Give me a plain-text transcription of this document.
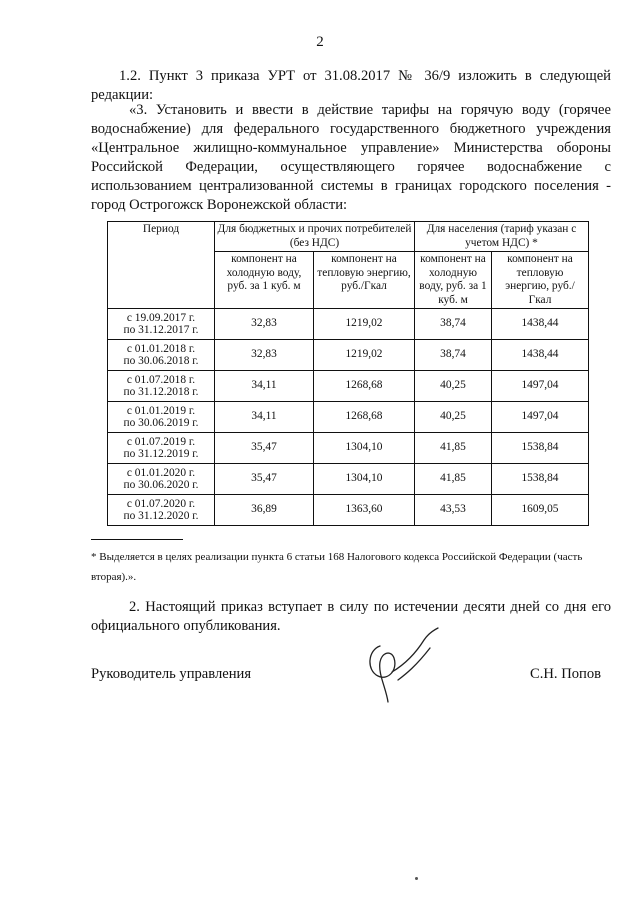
2
1.2. Пункт 3 приказа УРТ от 31.08.2017 № 36/9 изложить в следующей
редакции:
«3. Установить и ввести в действие тарифы на горячую воду (горячее
водоснабжение) для федерального государственного бюджетного учреждения
«Центральное жилищно-коммунальное управление» Министерства обороны
Российской Федерации, осуществляющего горячее водоснабжение с
использованием централизованной системы в границах городского поселения -
город Острогожск Воронежской области:
Период	Для бюджетных и прочих потребителей (без НДС)		Для населения (тариф указан с учетом НДС) *	
	компонент на холодную воду, руб. за 1 куб. м	компонент на тепловую энергию, руб./Гкал	компонент на холодную воду, руб. за 1 куб. м	компонент на тепловую энергию, руб./Гкал

с 19.09.2017 г.
по 31.12.2017 г.	32,83	1219,02	38,74	1438,44

с 01.01.2018 г.
по 30.06.2018 г.	32,83	1219,02	38,74	1438,44

с 01.07.2018 г.
по 31.12.2018 г.	34,11	1268,68	40,25	1497,04

с 01.01.2019 г.
по 30.06.2019 г.	34,11	1268,68	40,25	1497,04

с 01.07.2019 г.
по 31.12.2019 г.	35,47	1304,10	41,85	1538,84

с 01.01.2020 г.
по 30.06.2020 г.	35,47	1304,10	41,85	1538,84

с 01.07.2020 г.
по 31.12.2020 г.	36,89	1363,60	43,53	1609,05
* Выделяется в целях реализации пункта 6 статьи 168 Налогового кодекса Российской Федерации (часть
вторая).».
2. Настоящий приказ вступает в силу по истечении десяти дней со дня его
официального опубликования.
Руководитель управления	С.Н. Попов
